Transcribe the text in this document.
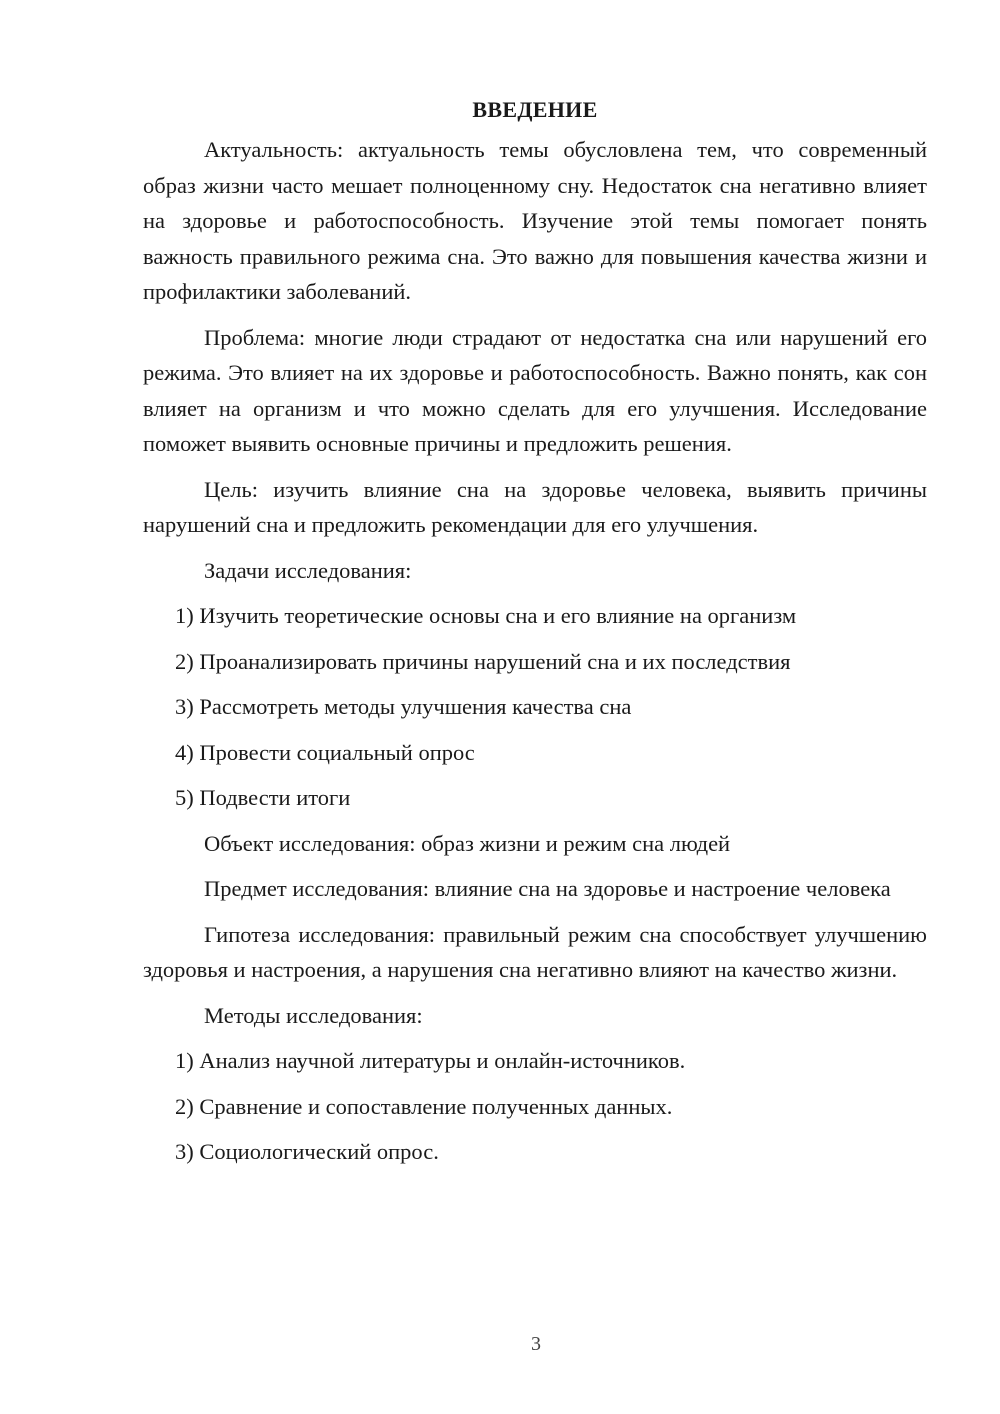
ВВЕДЕНИЕ

Актуальность: актуальность темы обусловлена тем, что современный образ жизни часто мешает полноценному сну. Недостаток сна негативно влияет на здоровье и работоспособность. Изучение этой темы помогает понять важность правильного режима сна. Это важно для повышения качества жизни и профилактики заболеваний.

Проблема: многие люди страдают от недостатка сна или нарушений его режима. Это влияет на их здоровье и работоспособность. Важно понять, как сон влияет на организм и что можно сделать для его улучшения. Исследование поможет выявить основные причины и предложить решения.

Цель: изучить влияние сна на здоровье человека, выявить причины нарушений сна и предложить рекомендации для его улучшения.

Задачи исследования:
1) Изучить теоретические основы сна и его влияние на организм
2) Проанализировать причины нарушений сна и их последствия
3) Рассмотреть методы улучшения качества сна
4) Провести социальный опрос
5) Подвести итоги
Объект исследования: образ жизни и режим сна людей

Предмет исследования: влияние сна на здоровье и настроение человека

Гипотеза исследования: правильный режим сна способствует улучшению здоровья и настроения, а нарушения сна негативно влияют на качество жизни.

Методы исследования:
1) Анализ научной литературы и онлайн-источников.
2) Сравнение и сопоставление полученных данных.
3) Социологический опрос.
3
